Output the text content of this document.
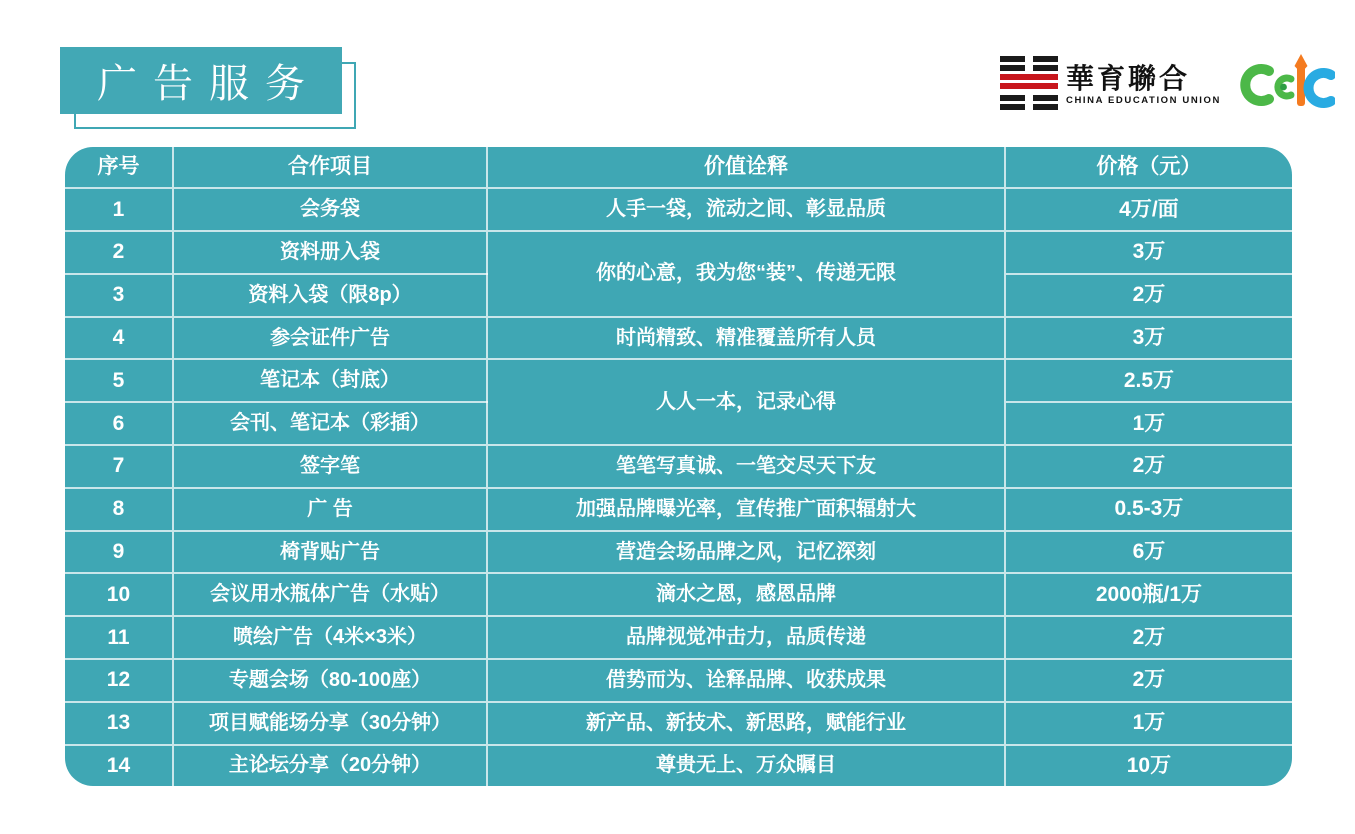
广告服务	華育聯合
CHINA EDUCATION UNION
序号	合作项目	价值诠释	价格（元）
1	会务袋	人手一袋，流动之间、彰显品质	4万/面
2	资料册入袋	你的心意，我为您“装”、传递无限	3万
3	资料入袋（限8p）		2万
4	参会证件广告	时尚精致、精准覆盖所有人员	3万
5	笔记本（封底）	人人一本，记录心得	2.5万
6	会刊、笔记本（彩插）		1万
7	签字笔	笔笔写真诚、一笔交尽天下友	2万
8	广 告	加强品牌曝光率，宣传推广面积辐射大	0.5-3万
9	椅背贴广告	营造会场品牌之风，记忆深刻	6万
10	会议用水瓶体广告（水贴）	滴水之恩，感恩品牌	2000瓶/1万
11	喷绘广告（4米×3米）	品牌视觉冲击力，品质传递	2万
12	专题会场（80-100座）	借势而为、诠释品牌、收获成果	2万
13	项目赋能场分享（30分钟）	新产品、新技术、新思路，赋能行业	1万
14	主论坛分享（20分钟）	尊贵无上、万众瞩目	10万
